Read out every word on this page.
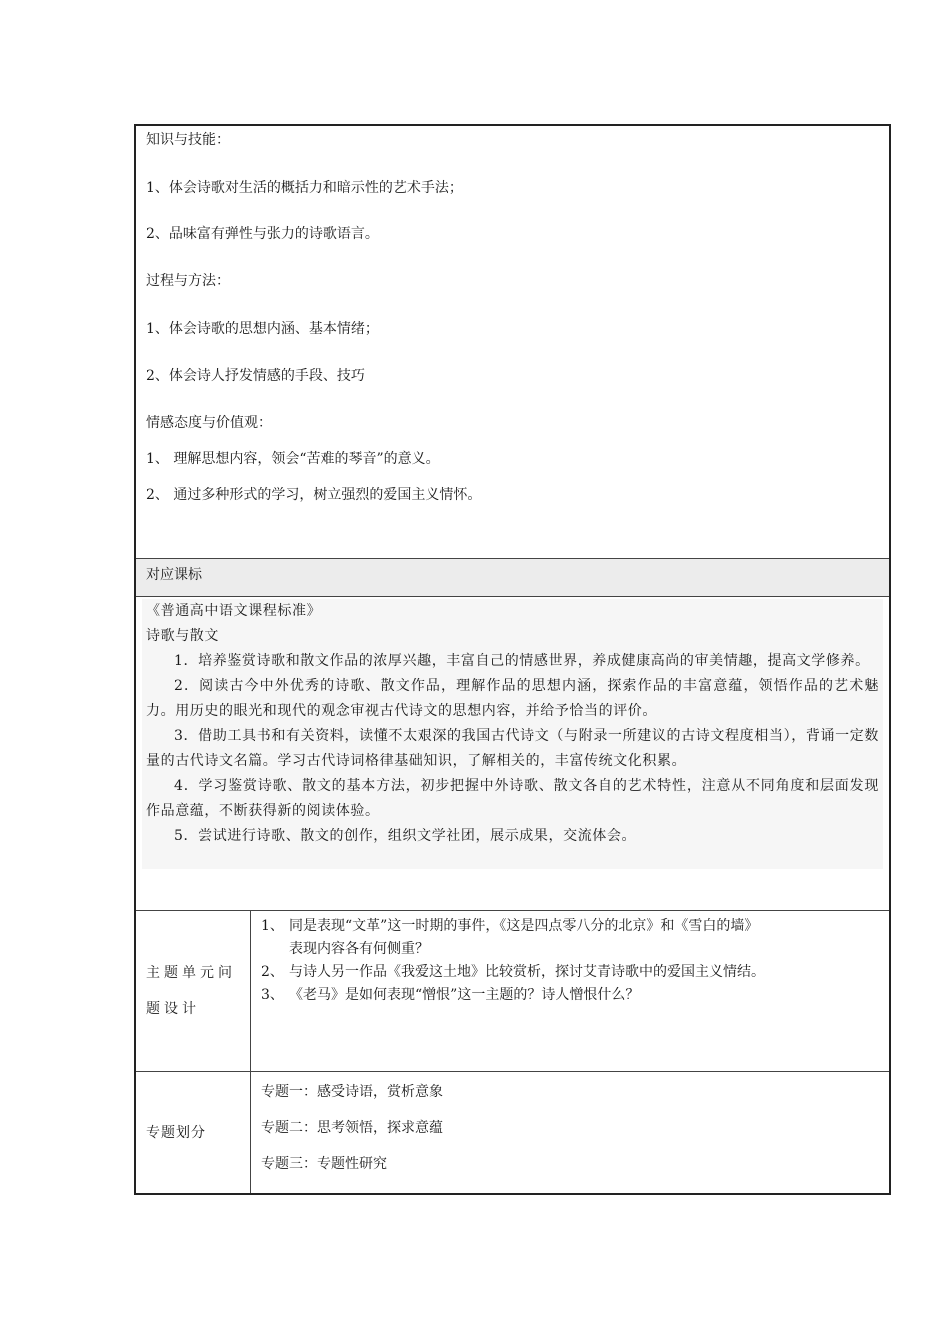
知识与技能：

1、体会诗歌对生活的概括力和暗示性的艺术手法；

2、品味富有弹性与张力的诗歌语言。

过程与方法：

1、体会诗歌的思想内涵、基本情绪；

2、体会诗人抒发情感的手段、技巧

情感态度与价值观：

1、 理解思想内容，领会“苦难的琴音”的意义。

2、 通过多种形式的学习，树立强烈的爱国主义情怀。

对应课标

《普通高中语文课程标准》

诗歌与散文

1．培养鉴赏诗歌和散文作品的浓厚兴趣，丰富自己的情感世界，养成健康高尚的审美情趣，提高文学修养。

2．阅读古今中外优秀的诗歌、散文作品，理解作品的思想内涵，探索作品的丰富意蕴，领悟作品的艺术魅力。用历史的眼光和现代的观念审视古代诗文的思想内容，并给予恰当的评价。

3．借助工具书和有关资料，读懂不太艰深的我国古代诗文（与附录一所建议的古诗文程度相当），背诵一定数量的古代诗文名篇。学习古代诗词格律基础知识，了解相关的，丰富传统文化积累。

4．学习鉴赏诗歌、散文的基本方法，初步把握中外诗歌、散文各自的艺术特性，注意从不同角度和层面发现作品意蕴，不断获得新的阅读体验。

5．尝试进行诗歌、散文的创作，组织文学社团，展示成果，交流体会。

主题单元问
题设计

1、 同是表现“文革”这一时期的事件，《这是四点零八分的北京》和《雪白的墙》

表现内容各有何侧重？

2、 与诗人另一作品《我爱这土地》比较赏析，探讨艾青诗歌中的爱国主义情结。

3、 《老马》是如何表现“憎恨”这一主题的？诗人憎恨什么？

专题划分

专题一：感受诗语，赏析意象

专题二：思考领悟，探求意蕴

专题三：专题性研究
